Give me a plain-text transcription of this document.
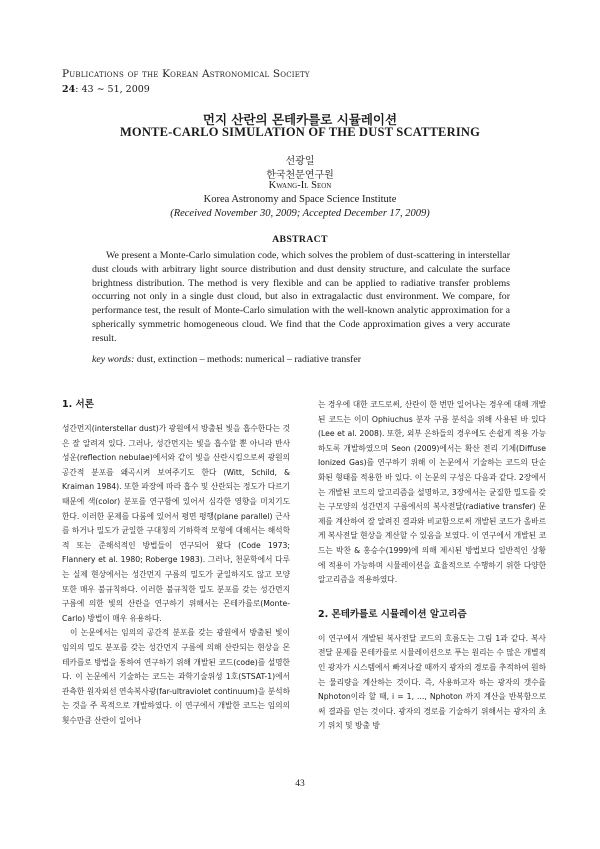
Publications of the Korean Astronomical Society
24: 43 ∼ 51, 2009
먼지 산란의 몬테카를로 시뮬레이션
MONTE-CARLO SIMULATION OF THE DUST SCATTERING
선광일
한국천문연구원
Kwang-Il Seon
Korea Astronomy and Space Science Institute
(Received November 30, 2009; Accepted December 17, 2009)
ABSTRACT

We present a Monte-Carlo simulation code, which solves the problem of dust-scattering in interstellar dust clouds with arbitrary light source distribution and dust density structure, and calculate the surface brightness distribution. The method is very flexible and can be applied to radiative transfer problems occurring not only in a single dust cloud, but also in extragalactic dust environment. We compare, for performance test, the result of Monte-Carlo simulation with the well-known analytic approximation for a spherically symmetric homogeneous cloud. We find that the Code approximation gives a very accurate result.

key words: dust, extinction – methods: numerical – radiative transfer
1. 서론

성간먼지(interstellar dust)가 광원에서 방출된 빛을 흡수한다는 것은 잘 알려져 있다. 그러나, 성간먼지는 빛을 흡수할 뿐 아니라 반사 성운(reflection nebulae)에서와 같이 빛을 산란시킴으로써 광원의 공간적 분포를 왜곡시켜 보여주기도 한다 (Witt, Schild, & Kraiman 1984). 또한 파장에 따라 흡수 및 산란되는 정도가 다르기 때문에 색(color) 분포를 연구함에 있어서 심각한 영향을 미치기도 한다. 이러한 문제를 다룸에 있어서 평면 평행(plane parallel) 근사를 하거나 밀도가 균일한 구대칭의 기하학적 모형에 대해서는 해석학적 또는 준해석적인 방법들이 연구되어 왔다 (Code 1973; Flannery et al. 1980; Roberge 1983). 그러나, 천문학에서 다루는 실제 현상에서는 성간먼지 구름의 밀도가 균일하지도 않고 모양 또한 매우 불규칙하다. 이러한 불규칙한 밀도 분포를 갖는 성간먼지 구름에 의한 빛의 산란을 연구하기 위해서는 몬테카를로(Monte-Carlo) 방법이 매우 유용하다.

이 논문에서는 임의의 공간적 분포를 갖는 광원에서 방출된 빛이 임의의 밀도 분포를 갖는 성간먼지 구름에 의해 산란되는 현상을 몬테카를로 방법을 통하여 연구하기 위해 개발된 코드(code)를 설명한다. 이 논문에서 기술하는 코드는 과학기술위성 1호(STSAT-1)에서 관측한 원자외선 연속복사광(far-ultraviolet continuum)을 분석하는 것을 주 목적으로 개발하였다. 이 연구에서 개발한 코드는 임의의 횟수만큼 산란이 일어나

는 경우에 대한 코드로써, 산란이 한 번만 일어나는 경우에 대해 개발된 코드는 이미 Ophiuchus 분자 구름 분석을 위해 사용된 바 있다 (Lee et al. 2008). 또한, 외부 은하들의 경우에도 손쉽게 적용 가능하도록 개발하였으며 Seon (2009)에서는 확산 전리 기체(Diffuse Ionized Gas)를 연구하기 위해 이 논문에서 기술하는 코드의 단순화된 형태를 적용한 바 있다. 이 논문의 구성은 다음과 같다. 2장에서는 개발된 코드의 알고리즘을 설명하고, 3장에서는 균질한 밀도를 갖는 구모양의 성간먼지 구름에서의 복사전달(radiative transfer) 문제를 계산하여 잘 알려진 결과와 비교함으로써 개발된 코드가 올바르게 복사전달 현상을 계산할 수 있음을 보였다. 이 연구에서 개발된 코드는 박찬 & 홍승수(1999)에 의해 제시된 방법보다 일반적인 상황에 적용이 가능하며 시뮬레이션을 효율적으로 수행하기 위한 다양한 알고리즘을 적용하였다.

2. 몬테카를로 시뮬레이션 알고리즘

이 연구에서 개발된 복사전달 코드의 흐름도는 그림 1과 같다. 복사전달 문제를 몬테카를로 시뮬레이션으로 푸는 원리는 수 많은 개별적인 광자가 시스템에서 빠져나갈 때까지 광자의 경로를 추적하여 원하는 물리량을 계산하는 것이다. 즉, 사용하고자 하는 광자의 갯수를 Nphoton이라 할 때, i = 1, ..., Nphoton 까지 계산을 반복함으로써 결과를 얻는 것이다. 광자의 경로를 기술하기 위해서는 광자의 초기 위치 및 방출 방

43
